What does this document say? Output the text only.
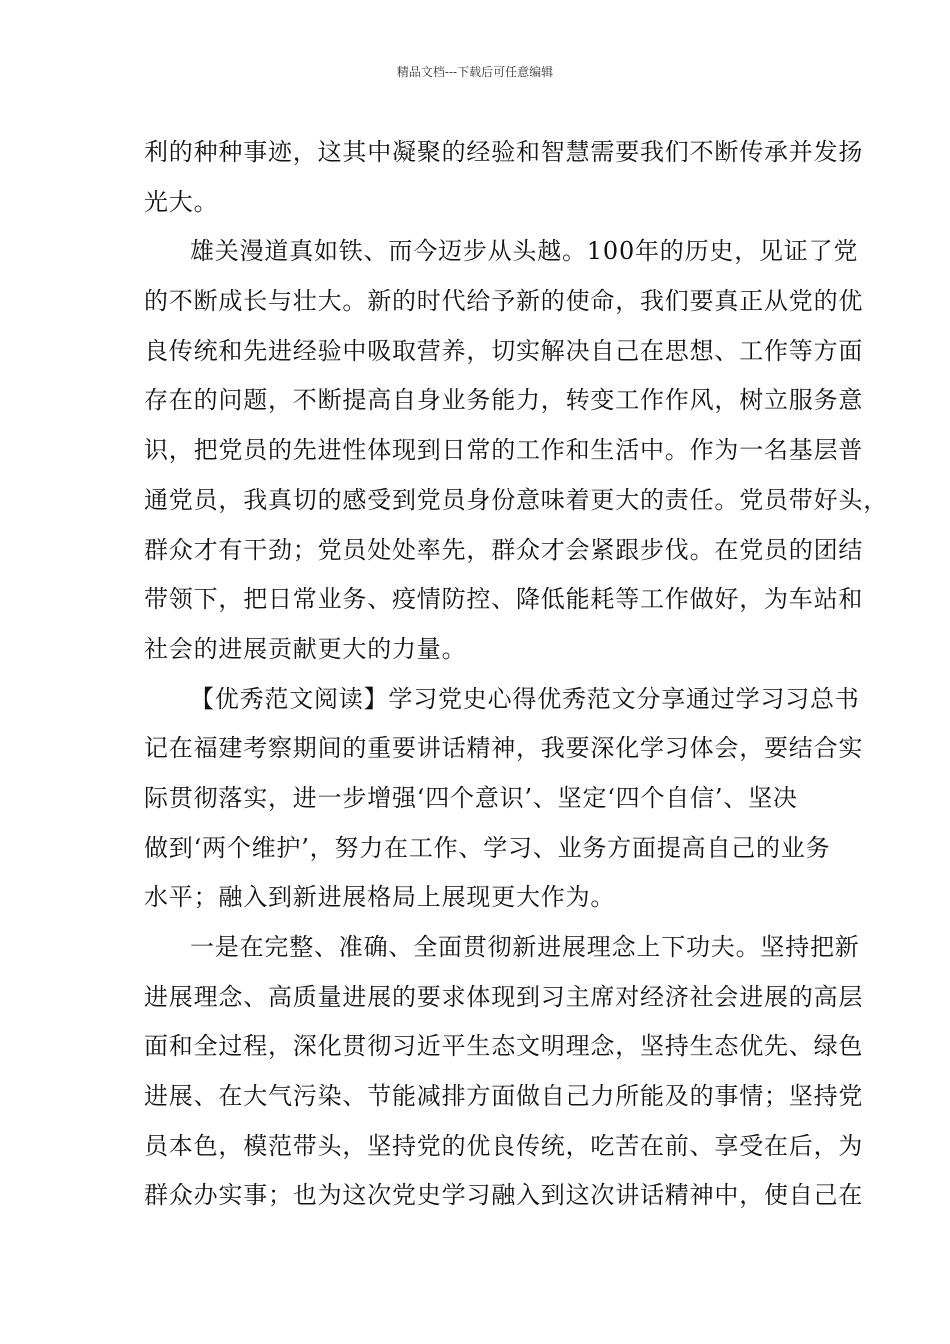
精品文档---下载后可任意编辑
利的种种事迹，这其中凝聚的经验和智慧需要我们不断传承并发扬
光大。
雄关漫道真如铁、而今迈步从头越。100年的历史，见证了党
的不断成长与壮大。新的时代给予新的使命，我们要真正从党的优
良传统和先进经验中吸取营养，切实解决自己在思想、工作等方面
存在的问题，不断提高自身业务能力，转变工作作风，树立服务意
识，把党员的先进性体现到日常的工作和生活中。作为一名基层普
通党员，我真切的感受到党员身份意味着更大的责任。党员带好头，
群众才有干劲；党员处处率先，群众才会紧跟步伐。在党员的团结
带领下，把日常业务、疫情防控、降低能耗等工作做好，为车站和
社会的进展贡献更大的力量。
【优秀范文阅读】学习党史心得优秀范文分享通过学习习总书
记在福建考察期间的重要讲话精神，我要深化学习体会，要结合实
际贯彻落实，进一步增强‘四个意识’、坚定‘四个自信’、坚决
做到‘两个维护’，努力在工作、学习、业务方面提高自己的业务
水平；融入到新进展格局上展现更大作为。
一是在完整、准确、全面贯彻新进展理念上下功夫。坚持把新
进展理念、高质量进展的要求体现到习主席对经济社会进展的高层
面和全过程，深化贯彻习近平生态文明理念，坚持生态优先、绿色
进展、在大气污染、节能减排方面做自己力所能及的事情；坚持党
员本色，模范带头，坚持党的优良传统，吃苦在前、享受在后，为
群众办实事；也为这次党史学习融入到这次讲话精神中，使自己在
